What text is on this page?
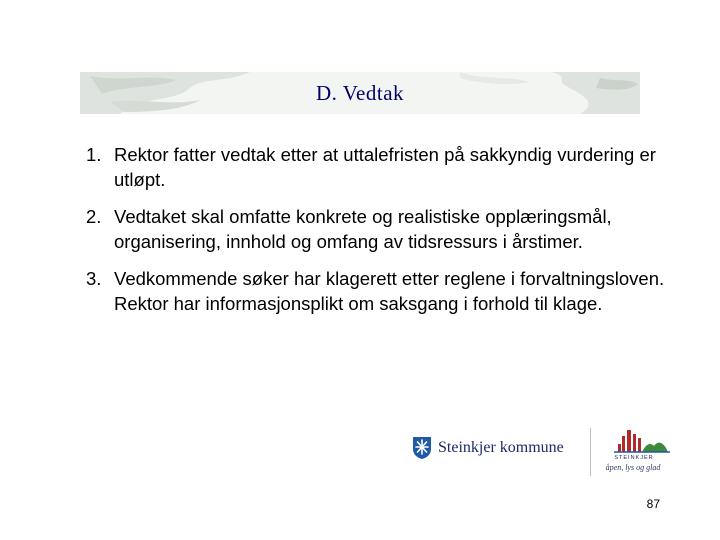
D. Vedtak
1. Rektor fatter vedtak etter at uttalefristen på sakkyndig vurdering er utløpt.
2. Vedtaket skal omfatte konkrete og realistiske opplæringsmål, organisering, innhold og omfang av tidsressurs i årstimer.
3. Vedkommende søker har klagerett etter reglene i forvaltningsloven. Rektor har informasjonsplikt om saksgang i forhold til klage.
Steinkjer kommune
STEINKJER
åpen, lys og glad
87
